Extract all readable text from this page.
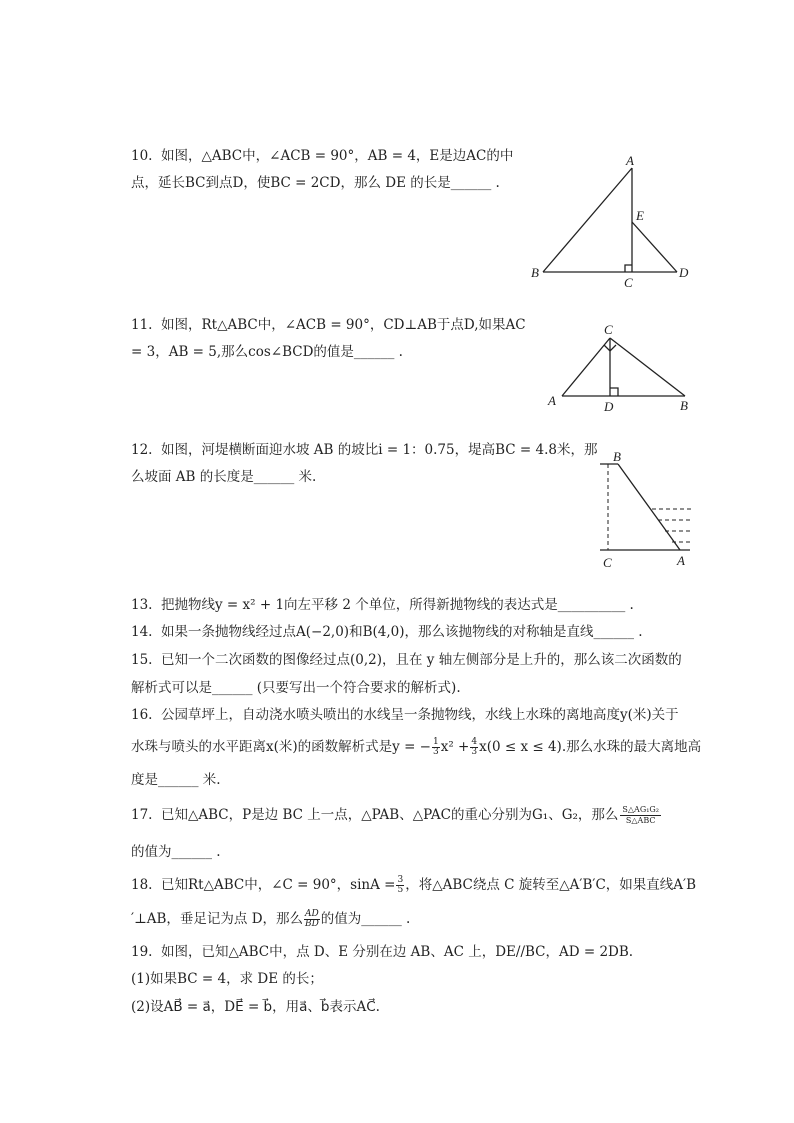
10. 如图，△ABC中，∠ACB = 90°，AB = 4，E是边AC的中
点，延长BC到点D，使BC = 2CD，那么 DE 的长是______ .
A
E
B
C
D
11. 如图，Rt△ABC中，∠ACB = 90°，CD⊥AB于点D,如果AC
= 3，AB = 5,那么cos∠BCD的值是______ .
C
A	D	B
12. 如图，河堤横断面迎水坡 AB 的坡比i = 1：0.75，堤高BC = 4.8米，那
么坡面 AB 的长度是______ 米.
B
C	A
13. 把抛物线y = x² + 1向左平移 2 个单位，所得新抛物线的表达式是__________ .
14. 如果一条抛物线经过点A(−2,0)和B(4,0)，那么该抛物线的对称轴是直线______ .
15. 已知一个二次函数的图像经过点(0,2)，且在 y 轴左侧部分是上升的，那么该二次函数的
解析式可以是______ (只要写出一个符合要求的解析式).
16. 公园草坪上，自动浇水喷头喷出的水线呈一条抛物线，水线上水珠的离地高度y(米)关于
水珠与喷头的水平距离x(米)的函数解析式是y = − $\frac{1}{3} x^2 + \frac{4}{3} x(0 \le x \le 4)$.那么水珠的最大离地高
度是______ 米.
17. 已知△ABC，P是边 BC 上一点，△PAB、△PAC的重心分别为G₁、G₂，那么 S△AG₁G₂
S△ABC
的值为______ .
18. 已知Rt△ABC中，∠C = 90°，$\sin A = \frac{3}{5}$ ，将△ABC绕点 C 旋转至△A′B′C，如果直线A′B
′⊥AB，垂足记为点 D，那么 $\frac{AD}{BD}$ 的值为______ .
19. 如图，已知△ABC中，点 D、E 分别在边 AB、AC 上，DE//BC，AD = 2DB.
(1)如果BC = 4，求 DE 的长；
(2)设AB⃗ = a⃗，DE⃗ = b⃗，用a⃗、b⃗表示AC⃗.
